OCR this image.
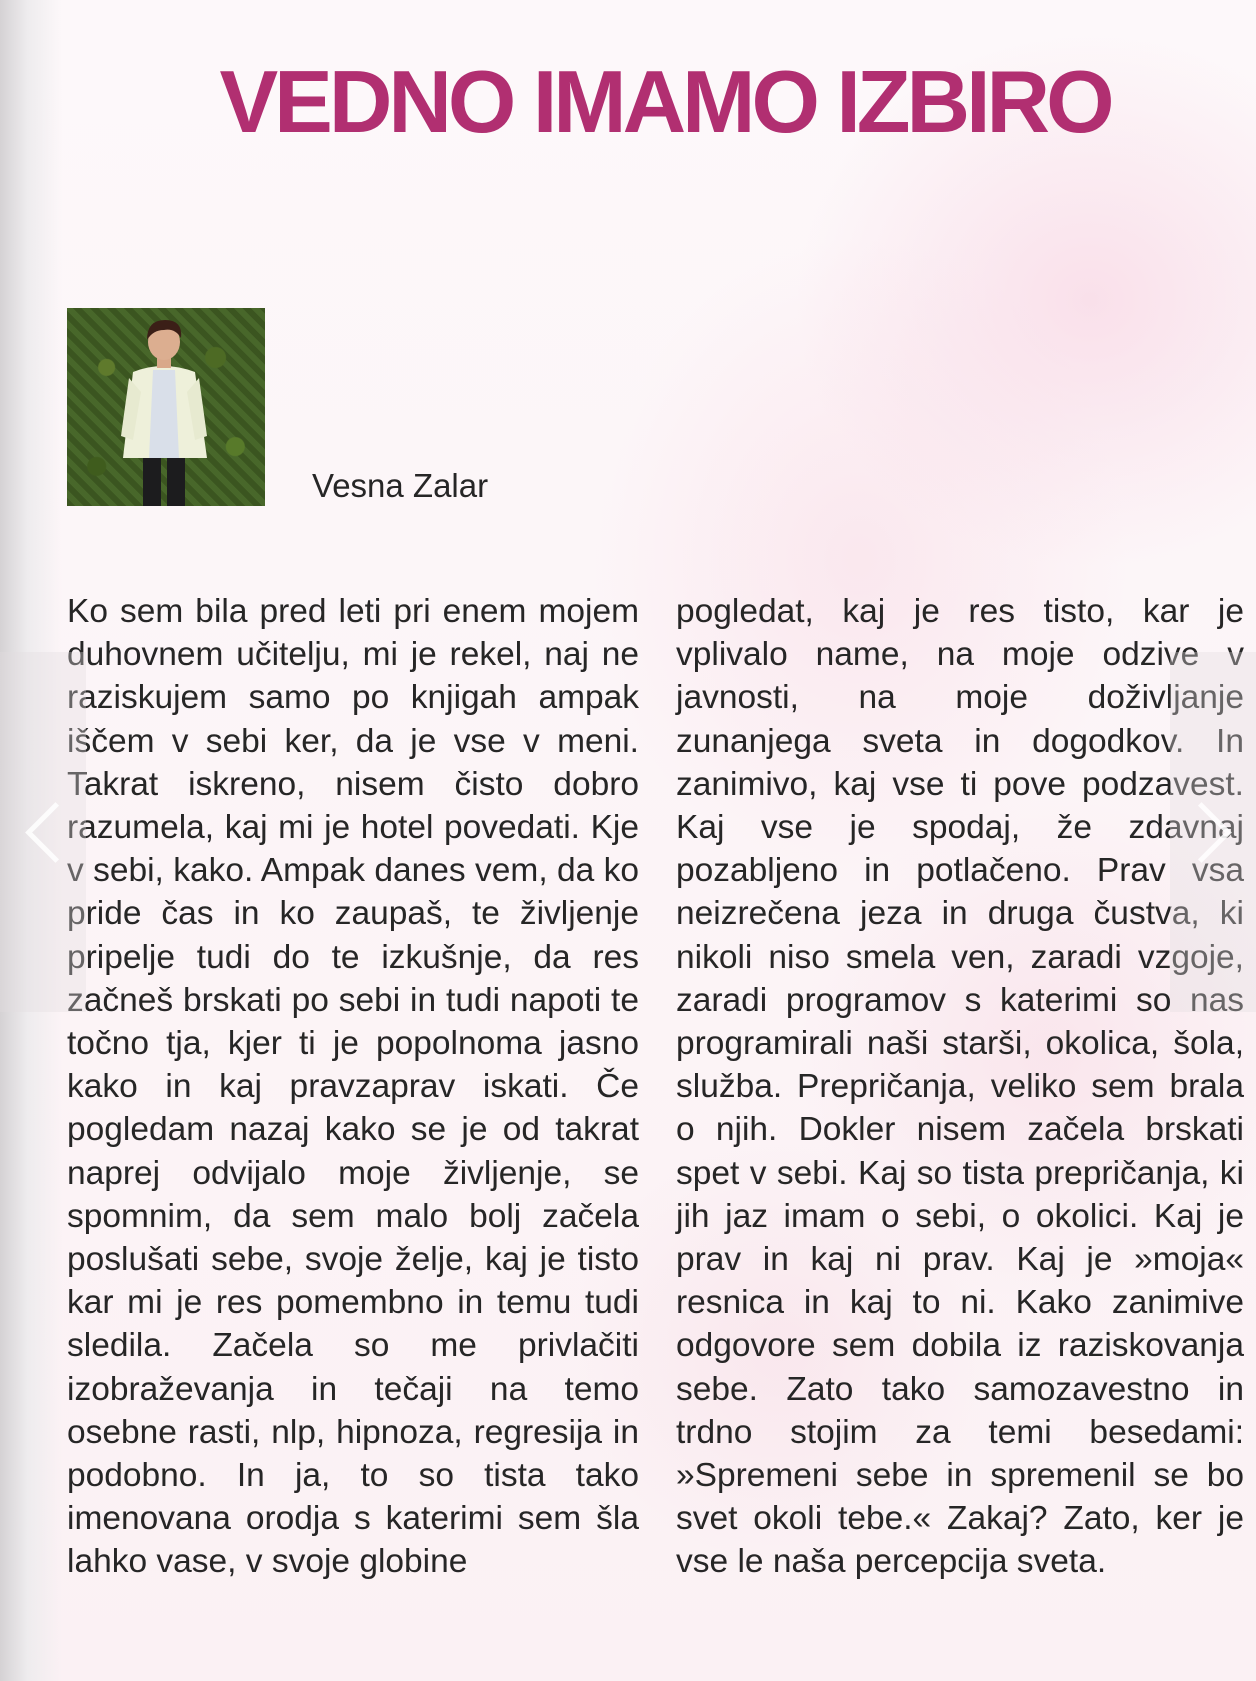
VEDNO IMAMO IZBIRO
Vesna Zalar

Ko sem bila pred leti pri enem mojem duhovnem učitelju, mi je rekel, naj ne raziskujem samo po knjigah ampak iščem v sebi ker, da je vse v meni. Takrat iskreno, nisem čisto dobro razumela, kaj mi je hotel povedati. Kje v sebi, kako. Ampak danes vem, da ko pride čas in ko zaupaš, te življenje pripelje tudi do te izkušnje, da res začneš brskati po sebi in tudi napoti te točno tja, kjer ti je popolnoma jasno kako in kaj pravzaprav iskati. Če pogledam nazaj kako se je od takrat naprej odvijalo moje življenje, se spomnim, da sem malo bolj začela poslušati sebe, svoje želje, kaj je tisto kar mi je res pomembno in temu tudi sledila. Začela so me privlačiti izobraževanja in tečaji na temo osebne rasti, nlp, hipnoza, regresija in podobno. In ja, to so tista tako imenovana orodja s katerimi sem šla lahko vase, v svoje globine

pogledat, kaj je res tisto, kar je vplivalo name, na moje odzive v javnosti, na moje doživljanje zunanjega sveta in dogodkov. In zanimivo, kaj vse ti pove podzavest. Kaj vse je spodaj, že zdavnaj pozabljeno in potlačeno. Prav vsa neizrečena jeza in druga čustva, ki nikoli niso smela ven, zaradi vzgoje, zaradi programov s katerimi so nas programirali naši starši, okolica, šola, služba. Prepričanja, veliko sem brala o njih. Dokler nisem začela brskati spet v sebi. Kaj so tista prepričanja, ki jih jaz imam o sebi, o okolici. Kaj je prav in kaj ni prav. Kaj je »moja« resnica in kaj to ni. Kako zanimive odgovore sem dobila iz raziskovanja sebe. Zato tako samozavestno in trdno stojim za temi besedami: »Spremeni sebe in spremenil se bo svet okoli tebe.« Zakaj? Zato, ker je vse le naša percepcija sveta.
